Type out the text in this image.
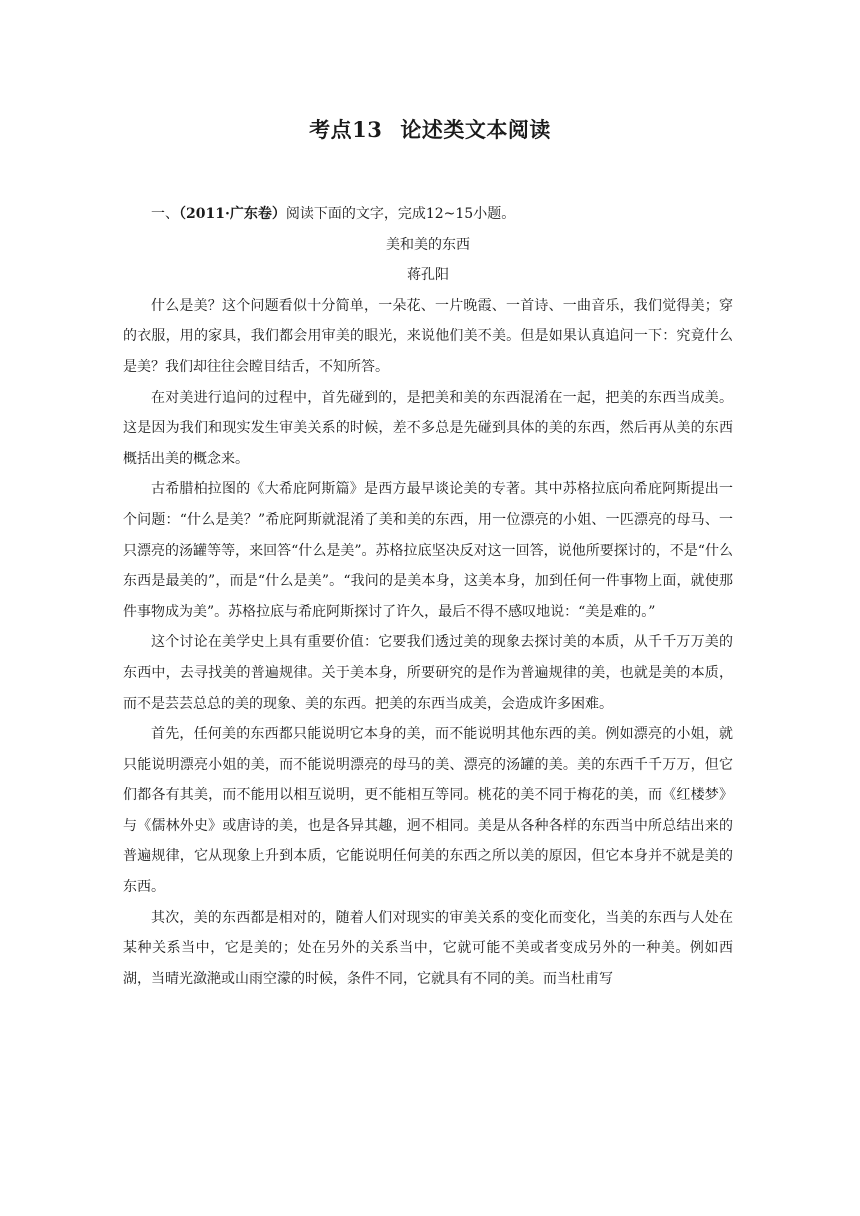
考点13 论述类文本阅读

一、（2011·广东卷）阅读下面的文字，完成12~15小题。

美和美的东西

蒋孔阳

什么是美？这个问题看似十分简单，一朵花、一片晚霞、一首诗、一曲音乐，我们觉得美；穿的衣服，用的家具，我们都会用审美的眼光，来说他们美不美。但是如果认真追问一下：究竟什么是美？我们却往往会瞠目结舌，不知所答。

在对美进行追问的过程中，首先碰到的，是把美和美的东西混淆在一起，把美的东西当成美。这是因为我们和现实发生审美关系的时候，差不多总是先碰到具体的美的东西，然后再从美的东西概括出美的概念来。

古希腊柏拉图的《大希庇阿斯篇》是西方最早谈论美的专著。其中苏格拉底向希庇阿斯提出一个问题：“什么是美？”希庇阿斯就混淆了美和美的东西，用一位漂亮的小姐、一匹漂亮的母马、一只漂亮的汤罐等等，来回答“什么是美”。苏格拉底坚决反对这一回答，说他所要探讨的，不是“什么东西是最美的”，而是“什么是美”。“我问的是美本身，这美本身，加到任何一件事物上面，就使那件事物成为美”。苏格拉底与希庇阿斯探讨了许久，最后不得不感叹地说：“美是难的。”

这个讨论在美学史上具有重要价值：它要我们透过美的现象去探讨美的本质，从千千万万美的东西中，去寻找美的普遍规律。关于美本身，所要研究的是作为普遍规律的美，也就是美的本质，而不是芸芸总总的美的现象、美的东西。把美的东西当成美，会造成许多困难。

首先，任何美的东西都只能说明它本身的美，而不能说明其他东西的美。例如漂亮的小姐，就只能说明漂亮小姐的美，而不能说明漂亮的母马的美、漂亮的汤罐的美。美的东西千千万万，但它们都各有其美，而不能用以相互说明，更不能相互等同。桃花的美不同于梅花的美，而《红楼梦》与《儒林外史》或唐诗的美，也是各异其趣，迥不相同。美是从各种各样的东西当中所总结出来的普遍规律，它从现象上升到本质，它能说明任何美的东西之所以美的原因，但它本身并不就是美的东西。

其次，美的东西都是相对的，随着人们对现实的审美关系的变化而变化，当美的东西与人处在某种关系当中，它是美的；处在另外的关系当中，它就可能不美或者变成另外的一种美。例如西湖，当晴光潋滟或山雨空濛的时候，条件不同，它就具有不同的美。而当杜甫写
